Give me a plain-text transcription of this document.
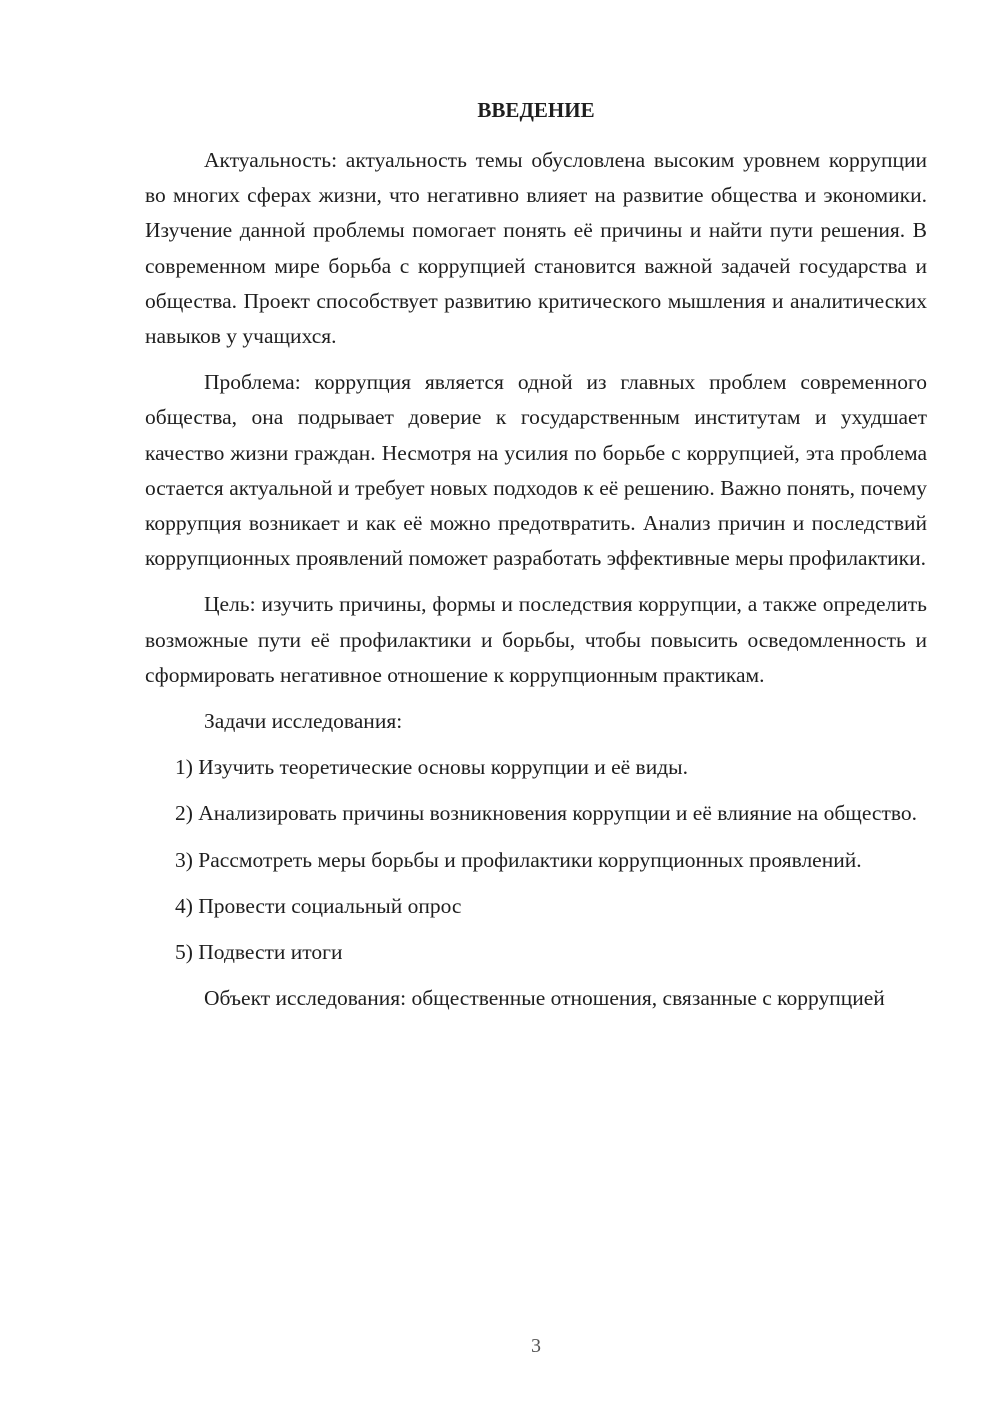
ВВЕДЕНИЕ

Актуальность: актуальность темы обусловлена высоким уровнем коррупции во многих сферах жизни, что негативно влияет на развитие общества и экономики. Изучение данной проблемы помогает понять её причины и найти пути решения. В современном мире борьба с коррупцией становится важной задачей государства и общества. Проект способствует развитию критического мышления и аналитических навыков у учащихся.

Проблема: коррупция является одной из главных проблем современного общества, она подрывает доверие к государственным институтам и ухудшает качество жизни граждан. Несмотря на усилия по борьбе с коррупцией, эта проблема остается актуальной и требует новых подходов к её решению. Важно понять, почему коррупция возникает и как её можно предотвратить. Анализ причин и последствий коррупционных проявлений поможет разработать эффективные меры профилактики.

Цель: изучить причины, формы и последствия коррупции, а также определить возможные пути её профилактики и борьбы, чтобы повысить осведомленность и сформировать негативное отношение к коррупционным практикам.

Задачи исследования:

1) Изучить теоретические основы коррупции и её виды.

2) Анализировать причины возникновения коррупции и её влияние на общество.

3) Рассмотреть меры борьбы и профилактики коррупционных проявлений.

4) Провести социальный опрос

5) Подвести итоги

Объект исследования: общественные отношения, связанные с коррупцией

3
